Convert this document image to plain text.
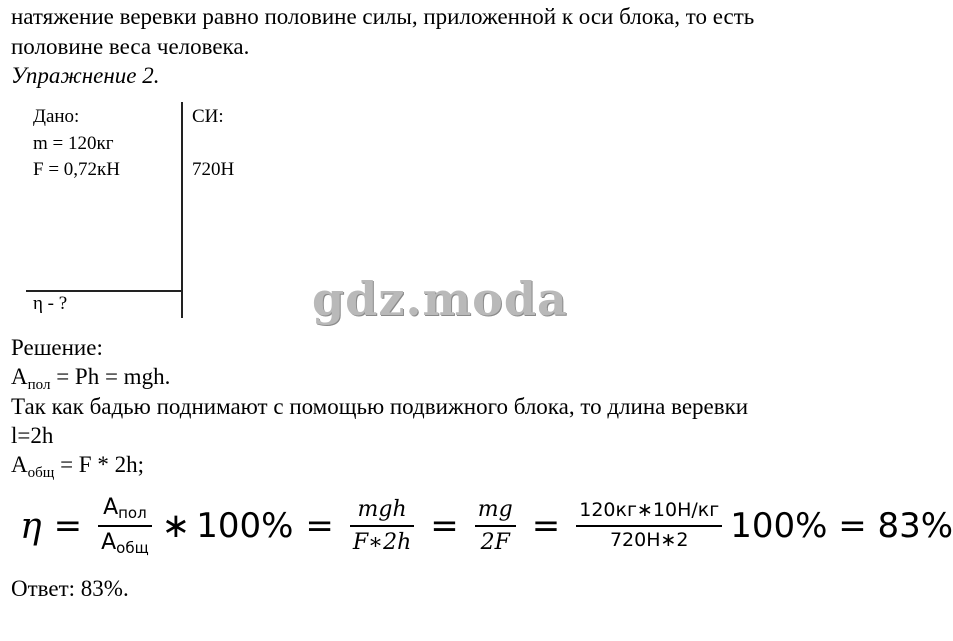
натяжение веревки равно половине силы, приложенной к оси блока, то есть
половине веса человека.
Упражнение 2.
Дано:
m = 120кг
F = 0,72кН
η - ?
СИ:
720Н
gdz.moda
Решение:
$A_{пол} = Ph$ = mgh.
Так как бадью поднимают с помощью подвижного блока, то длина веревки
l=2h
$A_{общ} = F * 2h$;
$\eta = \frac{\text{Aпол}}{\text{Aобщ}}$ ∗ $100\% = \frac{\text{mgh}}{F∗2h} = \frac{mg}{2F} = \frac{120кг∗10Н/кг}{720Н∗2} 100\% = 83\%$
Ответ: 83%.
